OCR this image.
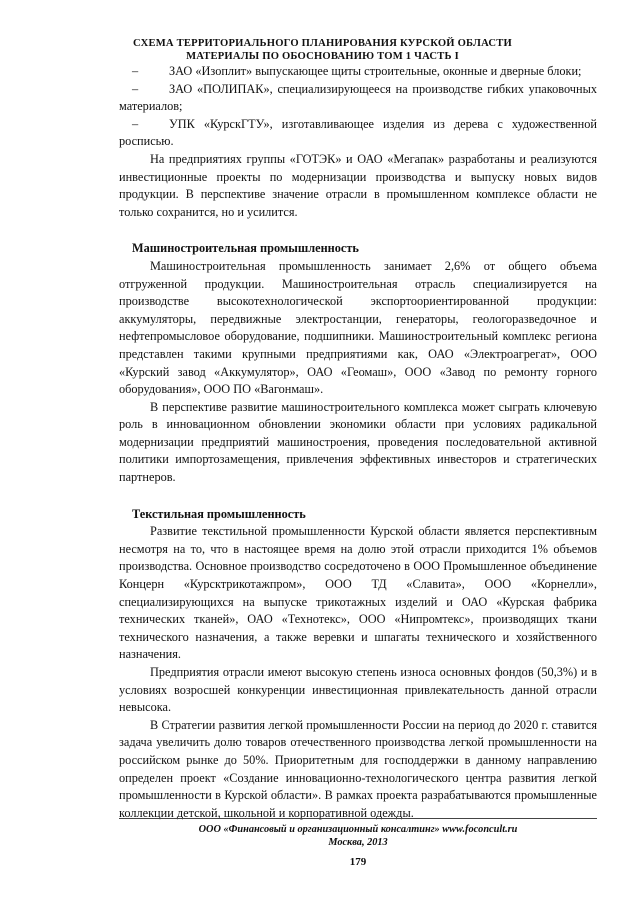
СХЕМА ТЕРРИТОРИАЛЬНОГО ПЛАНИРОВАНИЯ КУРСКОЙ ОБЛАСТИ
МАТЕРИАЛЫ ПО ОБОСНОВАНИЮ ТОМ 1 ЧАСТЬ I

–	ЗАО «Изоплит» выпускающее щиты строительные, оконные и дверные блоки;

–	ЗАО «ПОЛИПАК», специализирующееся на производстве гибких упаковочных материалов;

–	УПК «КурскГТУ», изготавливающее изделия из дерева с художественной росписью.

На предприятиях группы «ГОТЭК» и ОАО «Мегапак» разработаны и реализуются инвестиционные проекты по модернизации производства и выпуску новых видов продукции. В перспективе значение отрасли в промышленном комплексе области не только сохранится, но и усилится.

Машиностроительная промышленность

Машиностроительная промышленность занимает 2,6% от общего объема отгруженной продукции. Машиностроительная отрасль специализируется на производстве высокотехнологической экспортоориентированной продукции: аккумуляторы, передвижные электростанции, генераторы, геологоразведочное и нефтепромысловое оборудование, подшипники. Машиностроительный комплекс региона представлен такими крупными предприятиями как, ОАО «Электроагрегат», ООО «Курский завод «Аккумулятор», ОАО «Геомаш», ООО «Завод по ремонту горного оборудования», ООО ПО «Вагонмаш».

В перспективе развитие машиностроительного комплекса может сыграть ключевую роль в инновационном обновлении экономики области при условиях радикальной модернизации предприятий машиностроения, проведения последовательной активной политики импортозамещения, привлечения эффективных инвесторов и стратегических партнеров.

Текстильная промышленность

Развитие текстильной промышленности Курской области является перспективным несмотря на то, что в настоящее время на долю этой отрасли приходится 1% объемов производства. Основное производство сосредоточено в ООО Промышленное объединение Концерн «Курсктрикотажпром», ООО ТД «Славита», ООО «Корнелли», специализирующихся на выпуске трикотажных изделий и ОАО «Курская фабрика технических тканей», ОАО «Технотекс», ООО «Нипромтекс», производящих ткани технического назначения, а также веревки и шпагаты технического и хозяйственного назначения.

Предприятия отрасли имеют высокую степень износа основных фондов (50,3%) и в условиях возросшей конкуренции инвестиционная привлекательность данной отрасли невысока.

В Стратегии развития легкой промышленности России на период до 2020 г. ставится задача увеличить долю товаров отечественного производства легкой промышленности на российском рынке до 50%. Приоритетным для господдержки в данному направлению определен проект «Создание инновационно-технологического центра развития легкой промышленности в Курской области». В рамках проекта разрабатываются промышленные коллекции детской, школьной и корпоративной одежды.

ООО «Финансовый и организационный консалтинг» www.foconcult.ru
Москва, 2013
179
